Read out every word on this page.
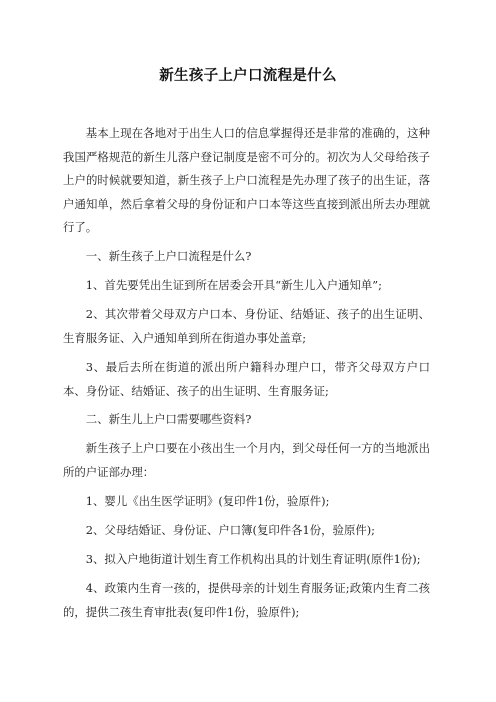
新生孩子上户口流程是什么

基本上现在各地对于出生人口的信息掌握得还是非常的准确的，这种我国严格规范的新生儿落户登记制度是密不可分的。初次为人父母给孩子上户的时候就要知道，新生孩子上户口流程是先办理了孩子的出生证，落户通知单，然后拿着父母的身份证和户口本等这些直接到派出所去办理就行了。

一、新生孩子上户口流程是什么?

1、首先要凭出生证到所在居委会开具“新生儿入户通知单”;

2、其次带着父母双方户口本、身份证、结婚证、孩子的出生证明、生育服务证、入户通知单到所在街道办事处盖章;

3、最后去所在街道的派出所户籍科办理户口，带齐父母双方户口本、身份证、结婚证、孩子的出生证明、生育服务证;

二、新生儿上户口需要哪些资料?

新生孩子上户口要在小孩出生一个月内，到父母任何一方的当地派出所的户证部办理：

1、婴儿《出生医学证明》(复印件1份，验原件);

2、父母结婚证、身份证、户口簿(复印件各1份，验原件);

3、拟入户地街道计划生育工作机构出具的计划生育证明(原件1份);

4、政策内生育一孩的，提供母亲的计划生育服务证;政策内生育二孩的，提供二孩生育审批表(复印件1份，验原件);
